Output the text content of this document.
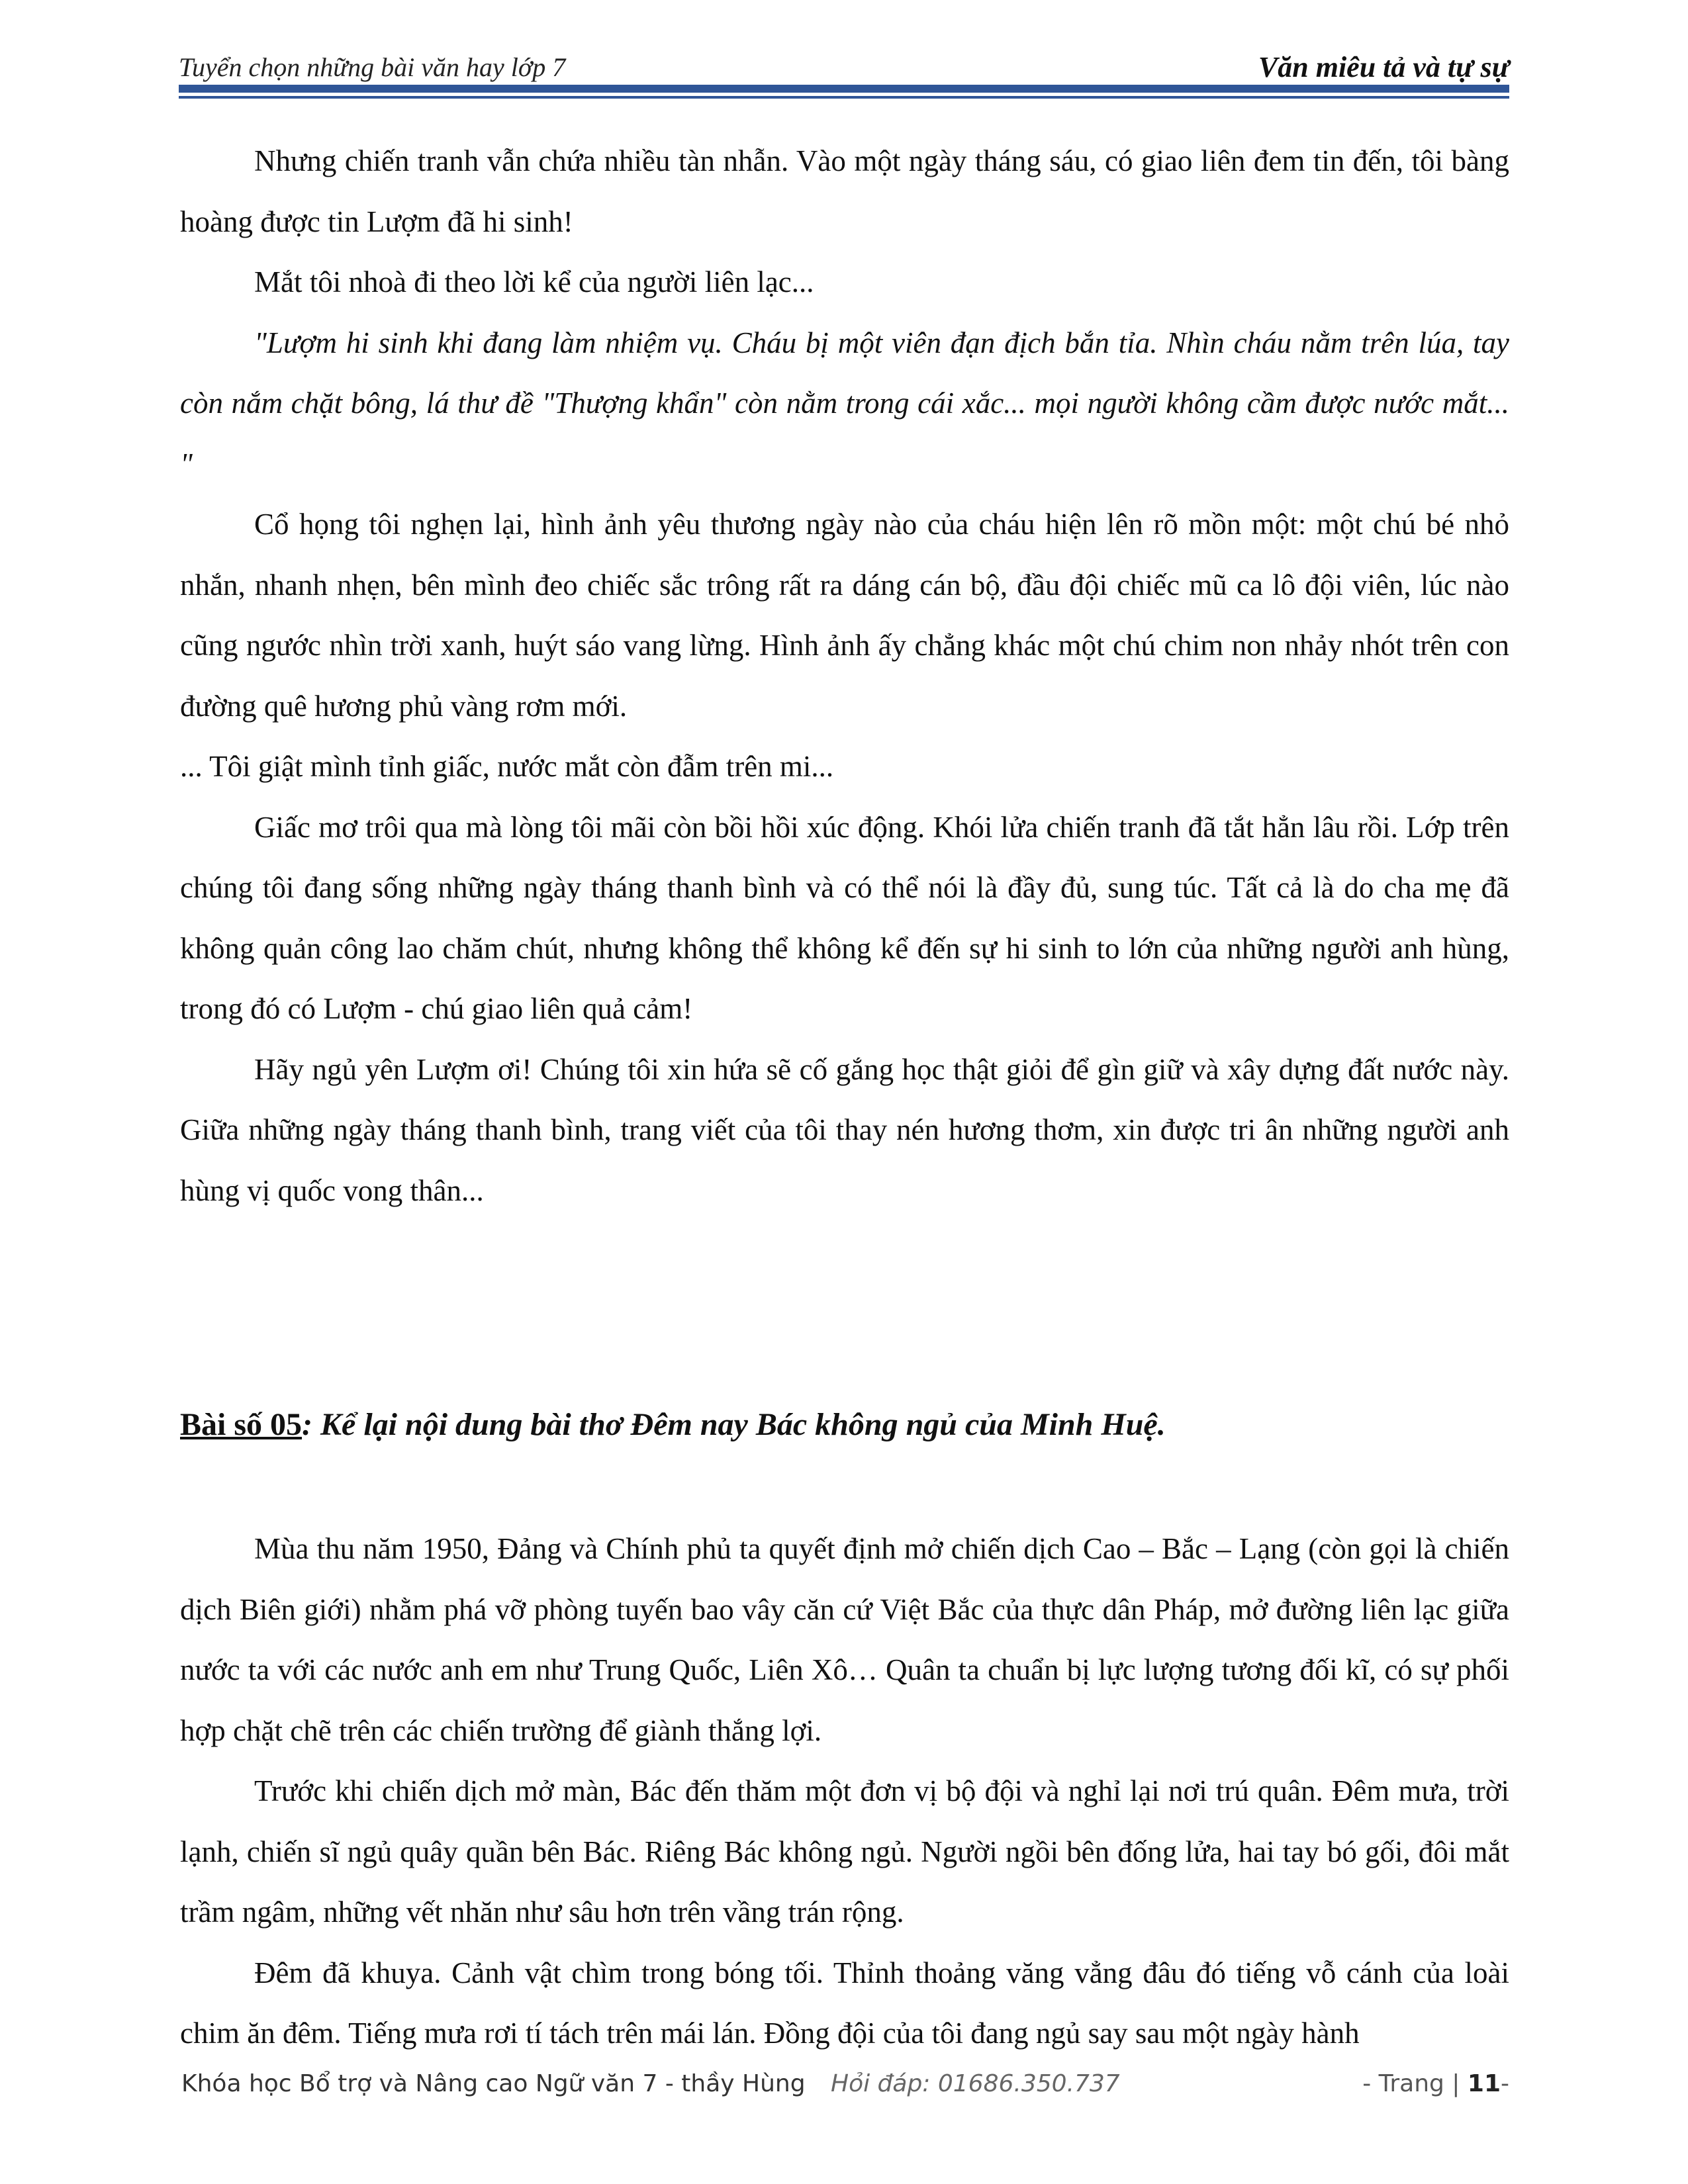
Tuyển chọn những bài văn hay lớp 7	Văn miêu tả và tự sự

Nhưng chiến tranh vẫn chứa nhiều tàn nhẫn. Vào một ngày tháng sáu, có giao liên đem tin đến, tôi bàng hoàng được tin Lượm đã hi sinh!

Mắt tôi nhoà đi theo lời kể của người liên lạc...

"Lượm hi sinh khi đang làm nhiệm vụ. Cháu bị một viên đạn địch bắn tỉa. Nhìn cháu nằm trên lúa, tay còn nắm chặt bông, lá thư đề "Thượng khẩn" còn nằm trong cái xắc... mọi người không cầm được nước mắt... "

Cổ họng tôi nghẹn lại, hình ảnh yêu thương ngày nào của cháu hiện lên rõ mồn một: một chú bé nhỏ nhắn, nhanh nhẹn, bên mình đeo chiếc sắc trông rất ra dáng cán bộ, đầu đội chiếc mũ ca lô đội viên, lúc nào cũng ngước nhìn trời xanh, huýt sáo vang lừng. Hình ảnh ấy chẳng khác một chú chim non nhảy nhót trên con đường quê hương phủ vàng rơm mới.

... Tôi giật mình tỉnh giấc, nước mắt còn đẫm trên mi...

Giấc mơ trôi qua mà lòng tôi mãi còn bồi hồi xúc động. Khói lửa chiến tranh đã tắt hẳn lâu rồi. Lớp trên chúng tôi đang sống những ngày tháng thanh bình và có thể nói là đầy đủ, sung túc. Tất cả là do cha mẹ đã không quản công lao chăm chút, nhưng không thể không kể đến sự hi sinh to lớn của những người anh hùng, trong đó có Lượm - chú giao liên quả cảm!

Hãy ngủ yên Lượm ơi! Chúng tôi xin hứa sẽ cố gắng học thật giỏi để gìn giữ và xây dựng đất nước này. Giữa những ngày tháng thanh bình, trang viết của tôi thay nén hương thơm, xin được tri ân những người anh hùng vị quốc vong thân...

Bài số 05: Kể lại nội dung bài thơ Đêm nay Bác không ngủ của Minh Huệ.

Mùa thu năm 1950, Đảng và Chính phủ ta quyết định mở chiến dịch Cao – Bắc – Lạng (còn gọi là chiến dịch Biên giới) nhằm phá vỡ phòng tuyến bao vây căn cứ Việt Bắc của thực dân Pháp, mở đường liên lạc giữa nước ta với các nước anh em như Trung Quốc, Liên Xô… Quân ta chuẩn bị lực lượng tương đối kĩ, có sự phối hợp chặt chẽ trên các chiến trường để giành thắng lợi.

Trước khi chiến dịch mở màn, Bác đến thăm một đơn vị bộ đội và nghỉ lại nơi trú quân. Đêm mưa, trời lạnh, chiến sĩ ngủ quây quần bên Bác. Riêng Bác không ngủ. Người ngồi bên đống lửa, hai tay bó gối, đôi mắt trầm ngâm, những vết nhăn như sâu hơn trên vầng trán rộng.

Đêm đã khuya. Cảnh vật chìm trong bóng tối. Thỉnh thoảng văng vẳng đâu đó tiếng vỗ cánh của loài chim ăn đêm. Tiếng mưa rơi tí tách trên mái lán. Đồng đội của tôi đang ngủ say sau một ngày hành

Khóa học Bổ trợ và Nâng cao Ngữ văn 7 - thầy Hùng Hỏi đáp: 01686.350.737	- Trang | 11-
